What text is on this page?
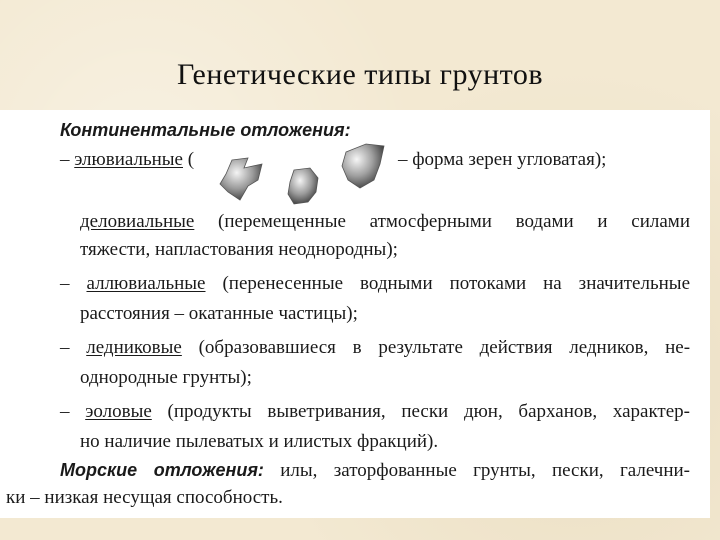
Генетические типы грунтов
Континентальные отложения:
– элювиальные (	– форма зерен угловатая);
деловиальные (перемещенные атмосферными водами и силами
тяжести, напластования неоднородны);
– аллювиальные (перенесенные водными потоками на значительные
расстояния – окатанные частицы);
– ледниковые (образовавшиеся в результате действия ледников, не-
однородные грунты);
– эоловые (продукты выветривания, пески дюн, барханов, характер-
но наличие пылеватых и илистых фракций).
Морские отложения: илы, заторфованные грунты, пески, галечни-
ки – низкая несущая способность.
